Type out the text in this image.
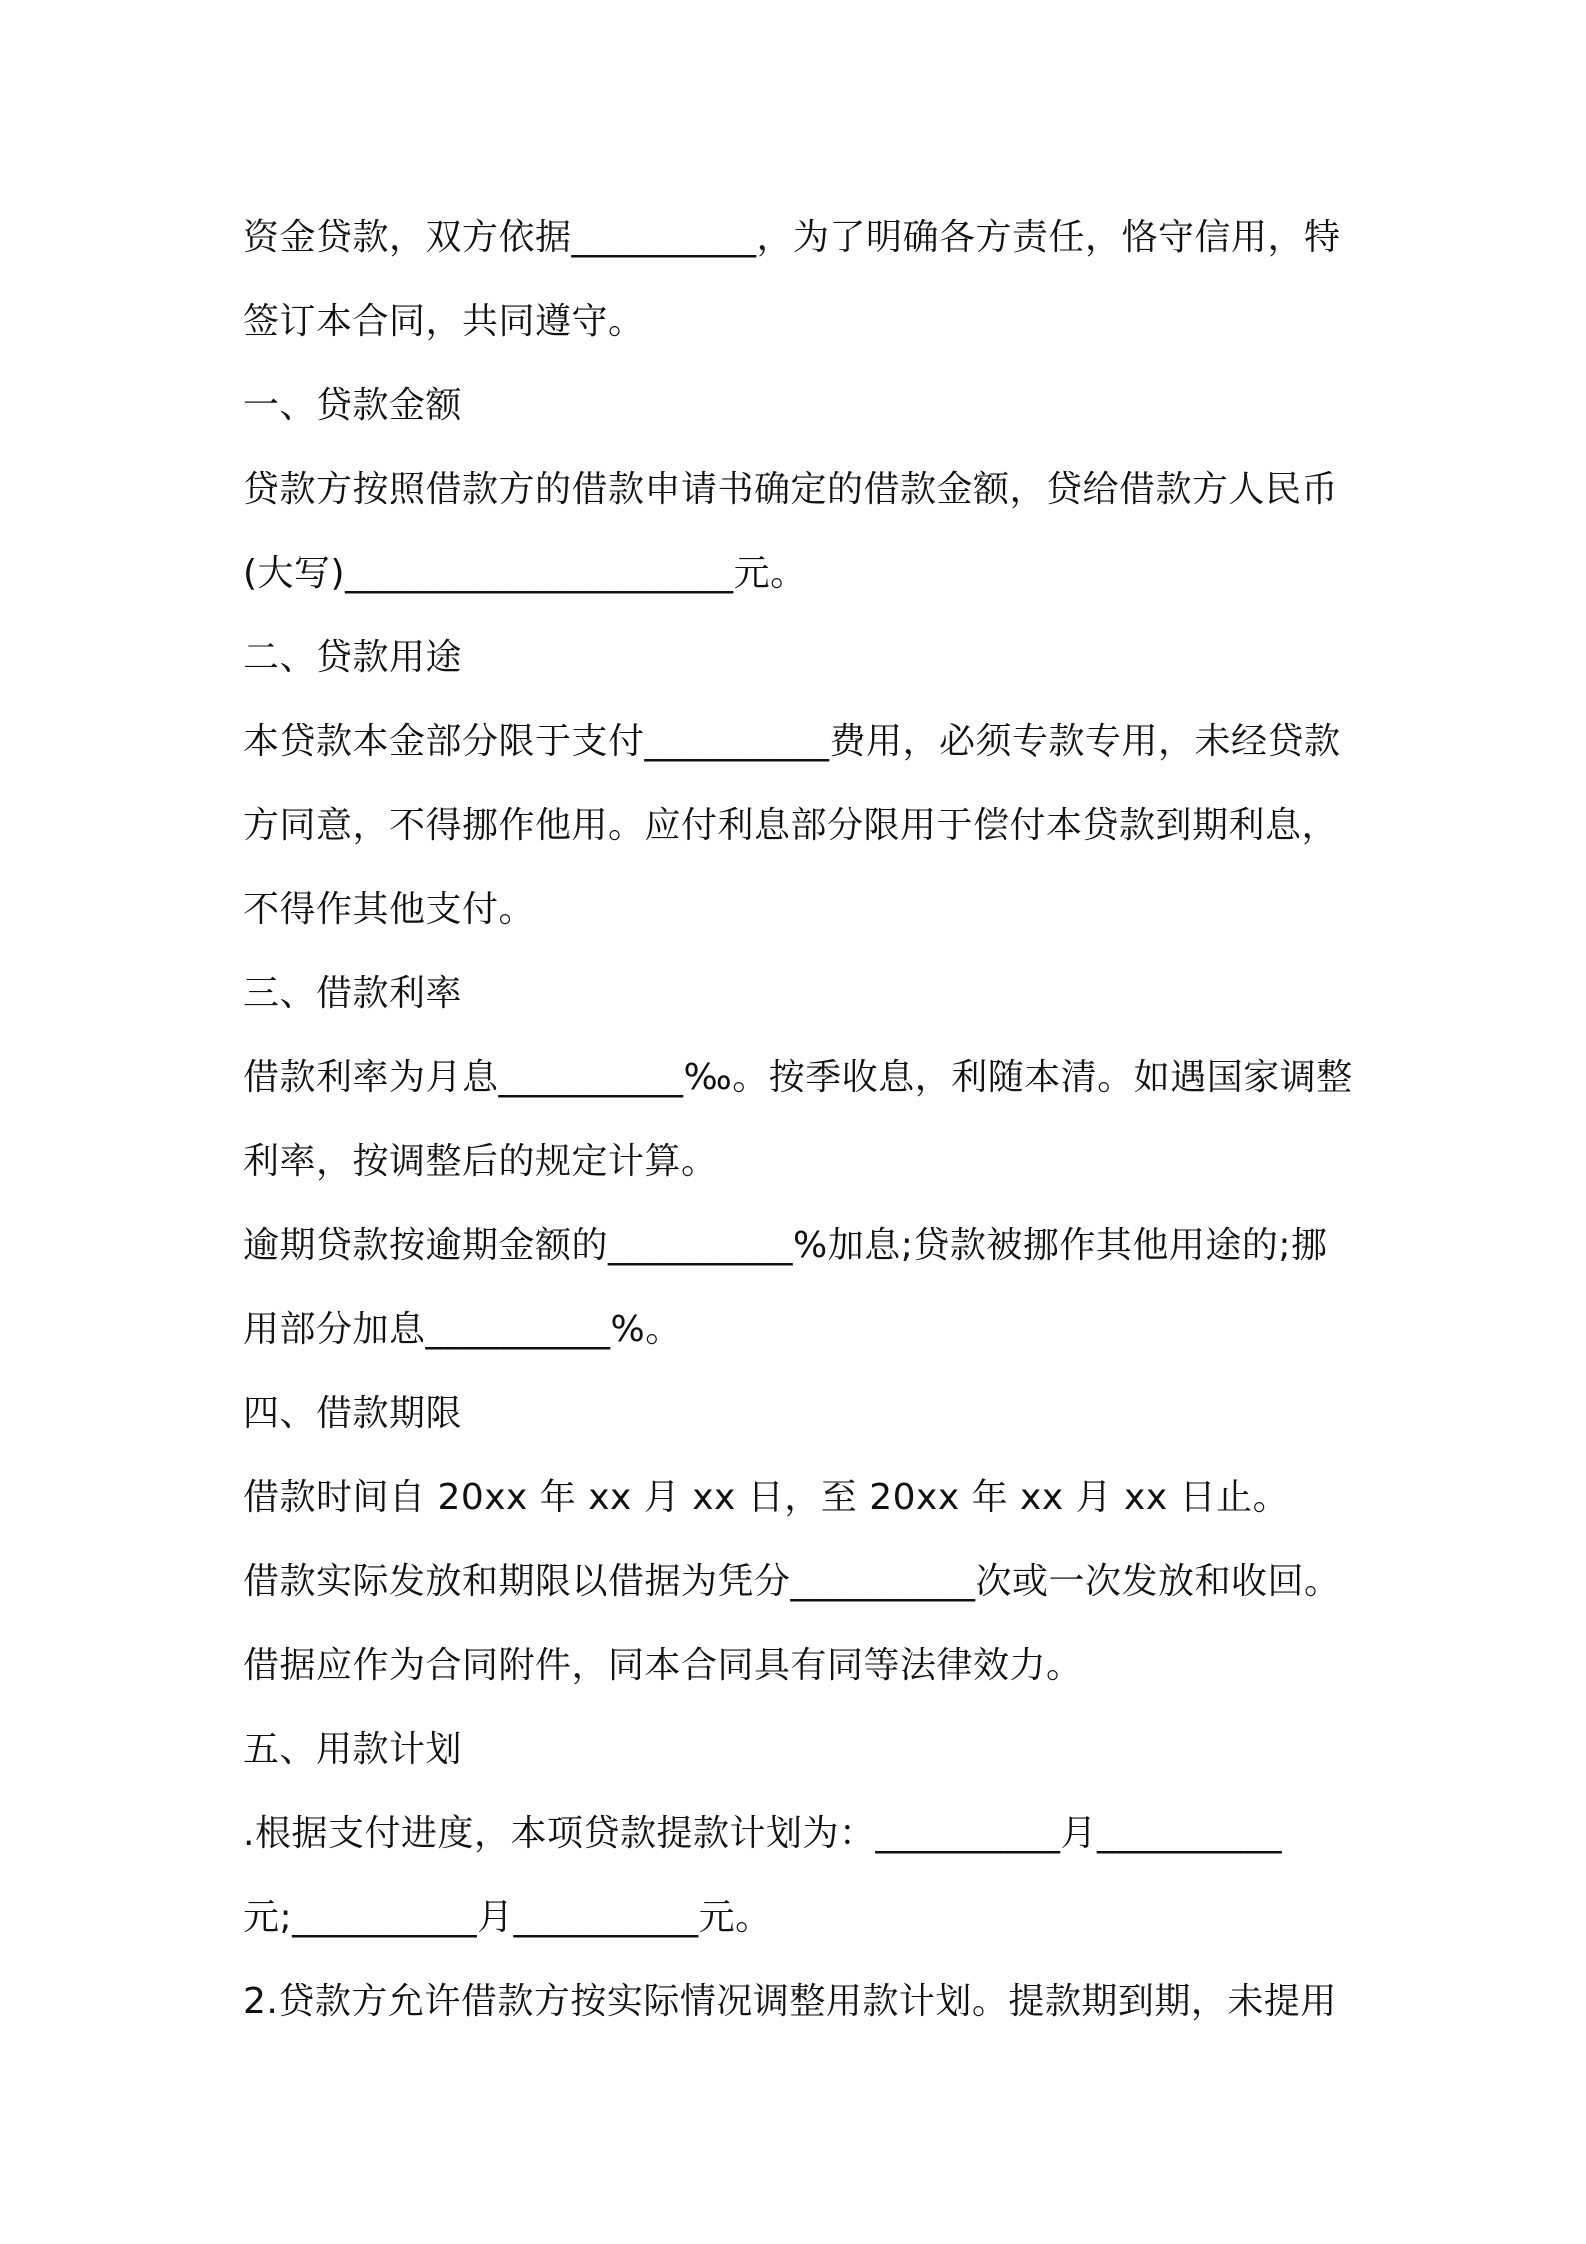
资金贷款，双方依据__________，为了明确各方责任，恪守信用，特
签订本合同，共同遵守。
一、贷款金额
贷款方按照借款方的借款申请书确定的借款金额，贷给借款方人民币
(大写)_____________________元。
二、贷款用途
本贷款本金部分限于支付__________费用，必须专款专用，未经贷款
方同意，不得挪作他用。应付利息部分限用于偿付本贷款到期利息，
不得作其他支付。
三、借款利率
借款利率为月息__________‰。按季收息，利随本清。如遇国家调整
利率，按调整后的规定计算。
逾期贷款按逾期金额的__________%加息;贷款被挪作其他用途的;挪
用部分加息__________%。
四、借款期限
借款时间自 20xx 年 xx 月 xx 日，至 20xx 年 xx 月 xx 日止。
借款实际发放和期限以借据为凭分__________次或一次发放和收回。
借据应作为合同附件，同本合同具有同等法律效力。
五、用款计划
.根据支付进度，本项贷款提款计划为：__________月__________
元;__________月__________元。
2.贷款方允许借款方按实际情况调整用款计划。提款期到期，未提用
